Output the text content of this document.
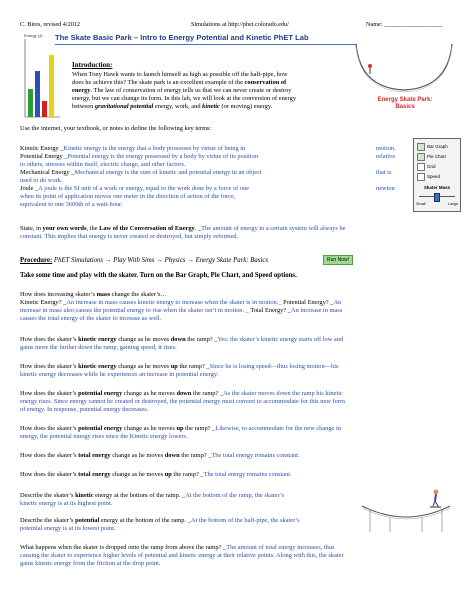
C. Bires, revised 4/2012	Simulations at http://phet.colorado.edu/	Name: ___________________
The Skate Basic Park – Intro to Energy Potential and Kinetic PhET Lab
Energy (J)
Energy Skate Park:
Basics
Introduction:
When Tony Hawk wants to launch himself as high as possible off the half-pipe, how
does he achieve this? The skate park is an excellent example of the conservation of
energy. The law of conservation of energy tells us that we can never create or destroy
energy, but we can change its form. In this lab, we will look at the conversion of energy
between gravitational potential energy, work, and kinetic (or moving) energy.
Use the internet, your textbook, or notes to define the following key terms:
Bar Graph
Pie Chart
Grid
Speed
Skater Mass
Small	Large
Kinetic Energy _Kinetic energy is the energy that a body possesses by virtue of being in	motion.
Potential Energy _Potential energy is the energy possessed by a body by virtue of its position	relative
to others, stresses within itself, electric charge, and other factors.
Mechanical Energy _Mechanical energy is the sum of kinetic and potential energy in an object	that is
used to do work.
Joule _A joule is the SI unit of a work or energy, equal to the work done by a force of one	newton
when its point of application moves one meter in the direction of action of the force,
equivalent to one 3600th of a watt-hour.
State, in your own words, the Law of the Conversation of Energy. _The amount of energy in a certain system will always be
constant. This implies that energy is never created or destroyed, but simply reformed.
Procedure: PhET Simulations → Play With Sims → Physics → Energy Skate Park: Basics	Run Now!
Take some time and play with the skater. Turn on the Bar Graph, Pie Chart, and Speed options.
How does increasing skater’s mass change the skater’s…
Kinetic Energy? _An increase in mass causes kinetic energy to increase when the skater is in motion._ Potential Energy? _An
increase in mass also causes the potential energy to rise when the skater isn’t in motion. _ Total Energy? _An increase in mass
causes the total energy of the skater to increase as well.
How does the skater’s kinetic energy change as he moves down the ramp? _Yes: the skater’s kinetic energy starts off low and
gains more the further down the ramp, gaining speed, it rises.
How does the skater’s kinetic energy change as he moves up the ramp? _Since he is losing speed—thus losing motion—his
kinetic energy decreases while he experiences an increase in potential energy.
How does the skater’s potential energy change as he moves down the ramp? _As the skater moves down the ramp his kinetic
energy rises. Since energy cannot be created or destroyed, the potential energy must convert to accommodate for this new form
of energy. In response, potential energy decreases.
How does the skater’s potential energy change as he moves up the ramp? _Likewise, to accommodate for the new change in
energy, the potential energy rises since the Kinetic energy lowers.
How does the skater’s total energy change as he moves down the ramp? _The total energy remains constant.
How does the skater’s total energy change as he moves up the ramp? _The total energy remains constant.
Describe the skater’s kinetic energy at the bottom of the ramp. _At the bottom of the ramp, the skater’s
kinetic energy is at its highest point.
Describe the skater’s potential energy at the bottom of the ramp. _At the bottom of the half-pipe, the skater’s
potential energy is at its lowest point.
What happens when the skater is dropped onto the ramp from above the ramp? _The amount of total energy increases, thus
causing the skater to experience higher levels of potential and kinetic energy at their relative points. Along with this, the skater
gains kinetic energy from the friction at the drop point.
